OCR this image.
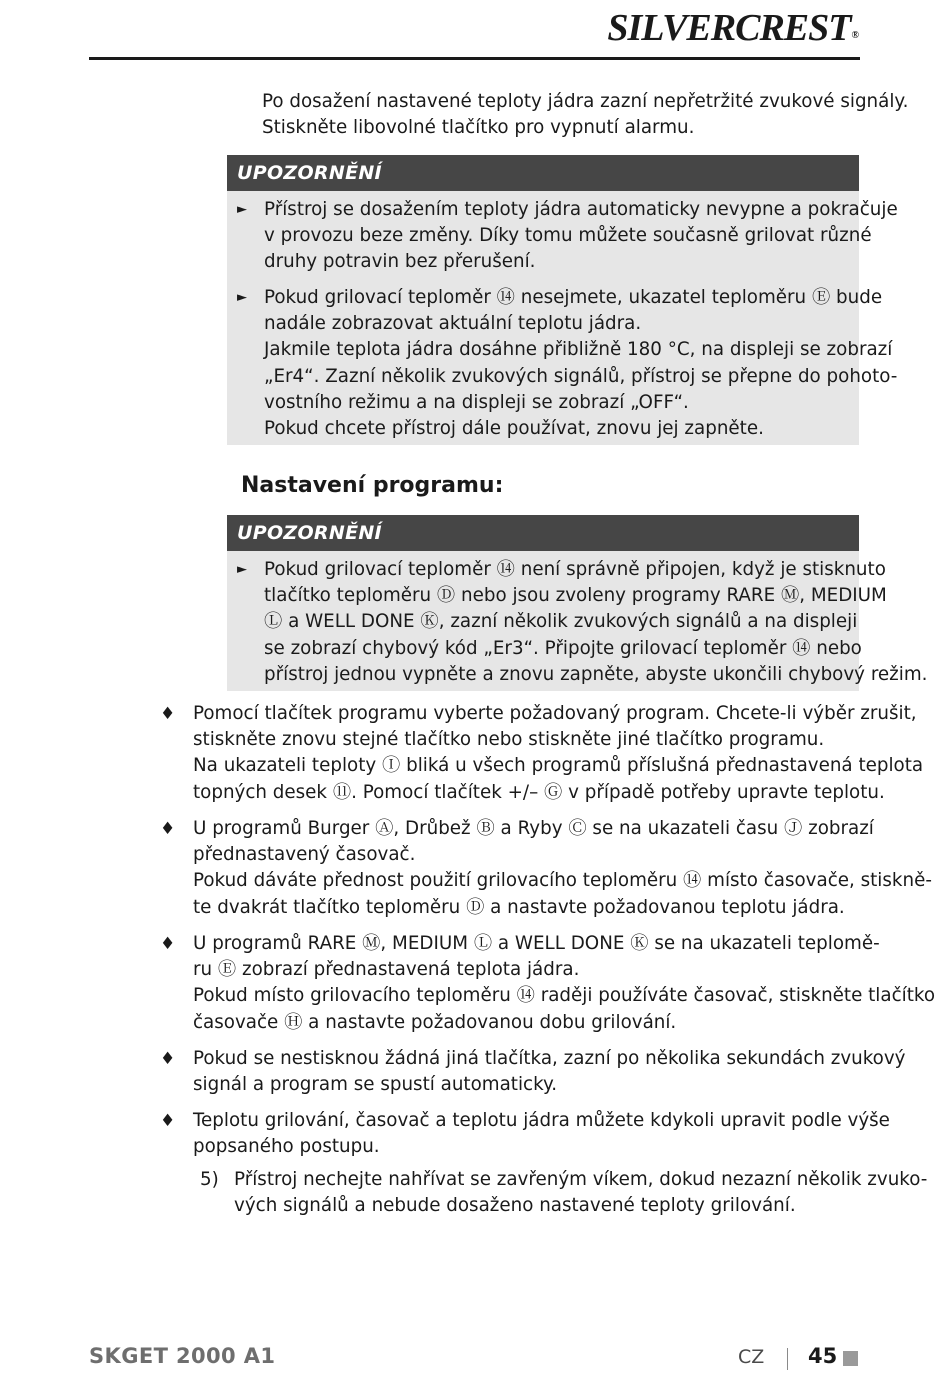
SILVERCREST®
Po dosažení nastavené teploty jádra zazní nepřetržité zvukové signály.
Stiskněte libovolné tlačítko pro vypnutí alarmu.
UPOZORNĚNÍ
► Přístroj se dosažením teploty jádra automaticky nevypne a pokračuje
v provozu beze změny. Díky tomu můžete současně grilovat různé
druhy potravin bez přerušení.
► Pokud grilovací teploměr ⑭ nesejmete, ukazatel teploměru Ⓔ bude
nadále zobrazovat aktuální teplotu jádra.
Jakmile teplota jádra dosáhne přibližně 180 °C, na displeji se zobrazí
„Er4“. Zazní několik zvukových signálů, přístroj se přepne do pohoto-
vostního režimu a na displeji se zobrazí „OFF“.
Pokud chcete přístroj dále používat, znovu jej zapněte.
Nastavení programu:
UPOZORNĚNÍ
► Pokud grilovací teploměr ⑭ není správně připojen, když je stisknuto
tlačítko teploměru Ⓓ nebo jsou zvoleny programy RARE Ⓜ, MEDIUM
Ⓛ a WELL DONE Ⓚ, zazní několik zvukových signálů a na displeji
se zobrazí chybový kód „Er3“. Připojte grilovací teploměr ⑭ nebo
přístroj jednou vypněte a znovu zapněte, abyste ukončili chybový režim.
♦ Pomocí tlačítek programu vyberte požadovaný program. Chcete-li výběr zrušit,
stiskněte znovu stejné tlačítko nebo stiskněte jiné tlačítko programu.
Na ukazateli teploty Ⓘ bliká u všech programů příslušná přednastavená teplota
topných desek ⑪. Pomocí tlačítek +/– Ⓖ v případě potřeby upravte teplotu.
♦ U programů Burger Ⓐ, Drůbež Ⓑ a Ryby Ⓒ se na ukazateli času Ⓙ zobrazí
přednastavený časovač.
Pokud dáváte přednost použití grilovacího teploměru ⑭ místo časovače, stiskně-
te dvakrát tlačítko teploměru Ⓓ a nastavte požadovanou teplotu jádra.
♦ U programů RARE Ⓜ, MEDIUM Ⓛ a WELL DONE Ⓚ se na ukazateli teplomě-
ru Ⓔ zobrazí přednastavená teplota jádra.
Pokud místo grilovacího teploměru ⑭ raději používáte časovač, stiskněte tlačítko
časovače Ⓗ a nastavte požadovanou dobu grilování.
♦ Pokud se nestisknou žádná jiná tlačítka, zazní po několika sekundách zvukový
signál a program se spustí automaticky.
♦ Teplotu grilování, časovač a teplotu jádra můžete kdykoli upravit podle výše
popsaného postupu.
5) Přístroj nechejte nahřívat se zavřeným víkem, dokud nezazní několik zvuko-
vých signálů a nebude dosaženo nastavené teploty grilování.
SKGET 2000 A1	CZ 45
